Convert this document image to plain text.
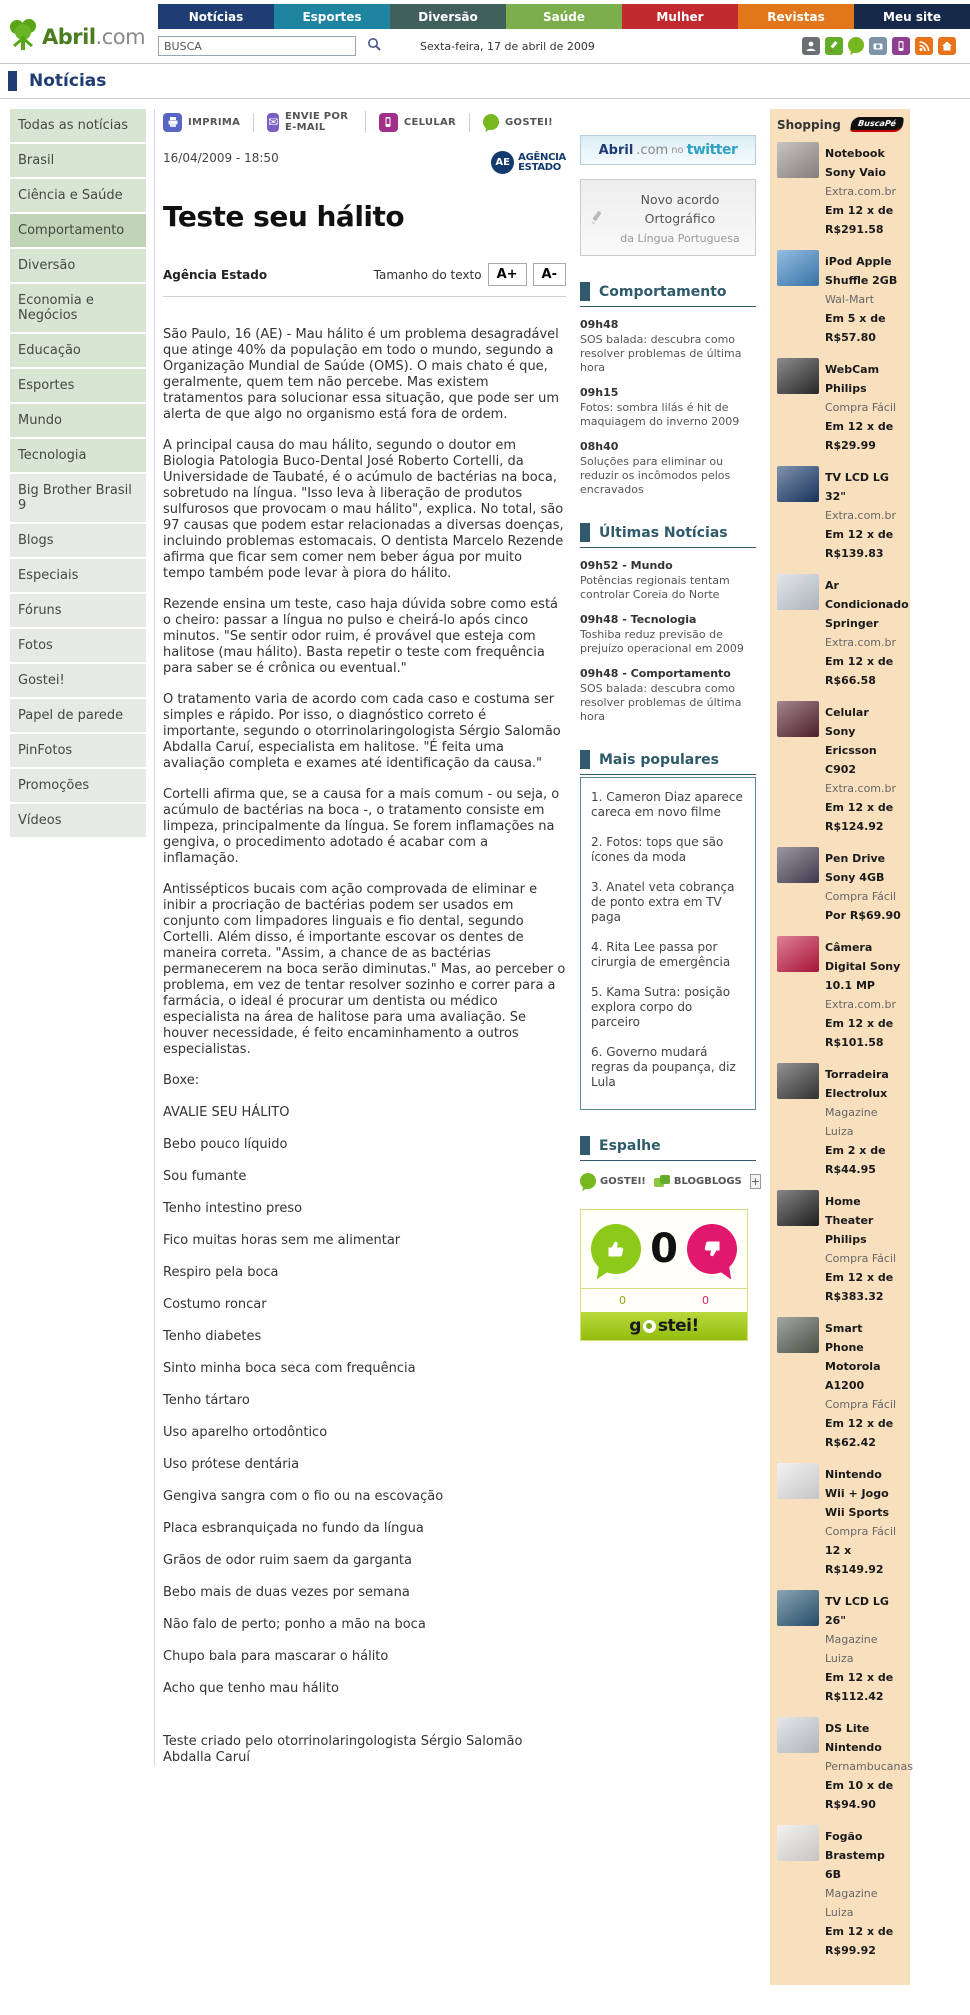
Abril.com
Notícias	Esportes	Diversão	Saúde	Mulher	Revistas	Meu site
BUSCA
Sexta-feira, 17 de abril de 2009
Notícias
Todas as notícias
Brasil
Ciência e Saúde
Comportamento
Diversão
Economia e Negócios
Educação
Esportes
Mundo
Tecnologia
Big Brother Brasil 9
Blogs
Especiais
Fóruns
Fotos
Gostei!
Papel de parede
PinFotos
Promoções
Vídeos
IMPRIMA ✉ ENVIE POR E-MAIL	CELULAR	GOSTEI!
16/04/2009 - 18:50	AE AGÊNCIA
ESTADO
Teste seu hálito
Agência Estado	Tamanho do texto	A+	A-

São Paulo, 16 (AE) - Mau hálito é um problema desagradável que atinge 40% da população em todo o mundo, segundo a Organização Mundial de Saúde (OMS). O mais chato é que, geralmente, quem tem não percebe. Mas existem tratamentos para solucionar essa situação, que pode ser um alerta de que algo no organismo está fora de ordem.

A principal causa do mau hálito, segundo o doutor em Biologia Patologia Buco-Dental José Roberto Cortelli, da Universidade de Taubaté, é o acúmulo de bactérias na boca, sobretudo na língua. "Isso leva à liberação de produtos sulfurosos que provocam o mau hálito", explica. No total, são 97 causas que podem estar relacionadas a diversas doenças, incluindo problemas estomacais. O dentista Marcelo Rezende afirma que ficar sem comer nem beber água por muito tempo também pode levar à piora do hálito.

Rezende ensina um teste, caso haja dúvida sobre como está o cheiro: passar a língua no pulso e cheirá-lo após cinco minutos. "Se sentir odor ruim, é provável que esteja com halitose (mau hálito). Basta repetir o teste com frequência para saber se é crônica ou eventual."

O tratamento varia de acordo com cada caso e costuma ser simples e rápido. Por isso, o diagnóstico correto é importante, segundo o otorrinolaringologista Sérgio Salomão Abdalla Caruí, especialista em halitose. "É feita uma avaliação completa e exames até identificação da causa."

Cortelli afirma que, se a causa for a mais comum - ou seja, o acúmulo de bactérias na boca -, o tratamento consiste em limpeza, principalmente da língua. Se forem inflamações na gengiva, o procedimento adotado é acabar com a inflamação.

Antissépticos bucais com ação comprovada de eliminar e inibir a procriação de bactérias podem ser usados em conjunto com limpadores linguais e fio dental, segundo Cortelli. Além disso, é importante escovar os dentes de maneira correta. "Assim, a chance de as bactérias permanecerem na boca serão diminutas." Mas, ao perceber o problema, em vez de tentar resolver sozinho e correr para a farmácia, o ideal é procurar um dentista ou médico especialista na área de halitose para uma avaliação. Se houver necessidade, é feito encaminhamento a outros especialistas.

Boxe:

AVALIE SEU HÁLITO

Bebo pouco líquido

Sou fumante

Tenho intestino preso

Fico muitas horas sem me alimentar

Respiro pela boca

Costumo roncar

Tenho diabetes

Sinto minha boca seca com frequência

Tenho tártaro

Uso aparelho ortodôntico

Uso prótese dentária

Gengiva sangra com o fio ou na escovação

Placa esbranquiçada no fundo da língua

Grãos de odor ruim saem da garganta

Bebo mais de duas vezes por semana

Não falo de perto; ponho a mão na boca

Chupo bala para mascarar o hálito

Acho que tenho mau hálito

Teste criado pelo otorrinolaringologista Sérgio Salomão Abdalla Caruí

Abril .com no twitter
Novo acordo Ortográfico
da Língua Portuguesa
Comportamento
09h48
SOS balada: descubra como resolver problemas de última hora
09h15
Fotos: sombra lilás é hit de maquiagem do inverno 2009
08h40
Soluções para eliminar ou reduzir os incômodos pelos encravados
Últimas Notícias
09h52 - Mundo
Potências regionais tentam controlar Coreia do Norte
09h48 - Tecnologia
Toshiba reduz previsão de prejuízo operacional em 2009
09h48 - Comportamento
SOS balada: descubra como resolver problemas de última hora
Mais populares
1. Cameron Diaz aparece careca em novo filme
2. Fotos: tops que são ícones da moda
3. Anatel veta cobrança de ponto extra em TV paga
4. Rita Lee passa por cirurgia de emergência
5. Kama Sutra: posição explora corpo do parceiro
6. Governo mudará regras da poupança, diz Lula
Espalhe
GOSTEI!	BLOGBLOGS +
0
0	0
g stei!
Shopping	BuscaPé
Notebook Sony Vaio
Extra.com.br
Em 12 x de R$291.58
iPod Apple Shuffle 2GB
Wal-Mart
Em 5 x de R$57.80
WebCam Philips
Compra Fácil
Em 12 x de R$29.99
TV LCD LG 32"
Extra.com.br
Em 12 x de R$139.83
Ar Condicionado Springer
Extra.com.br
Em 12 x de R$66.58
Celular Sony Ericsson C902
Extra.com.br
Em 12 x de R$124.92
Pen Drive Sony 4GB
Compra Fácil
Por R$69.90
Câmera Digital Sony 10.1 MP
Extra.com.br
Em 12 x de R$101.58
Torradeira Electrolux
Magazine Luiza
Em 2 x de R$44.95
Home Theater Philips
Compra Fácil
Em 12 x de R$383.32
Smart Phone Motorola A1200
Compra Fácil
Em 12 x de R$62.42
Nintendo Wii + Jogo Wii Sports
Compra Fácil
12 x R$149.92
TV LCD LG 26"
Magazine Luiza
Em 12 x de R$112.42
DS Lite Nintendo
Pernambucanas
Em 10 x de R$94.90
Fogão Brastemp 6B
Magazine Luiza
Em 12 x de R$99.92
